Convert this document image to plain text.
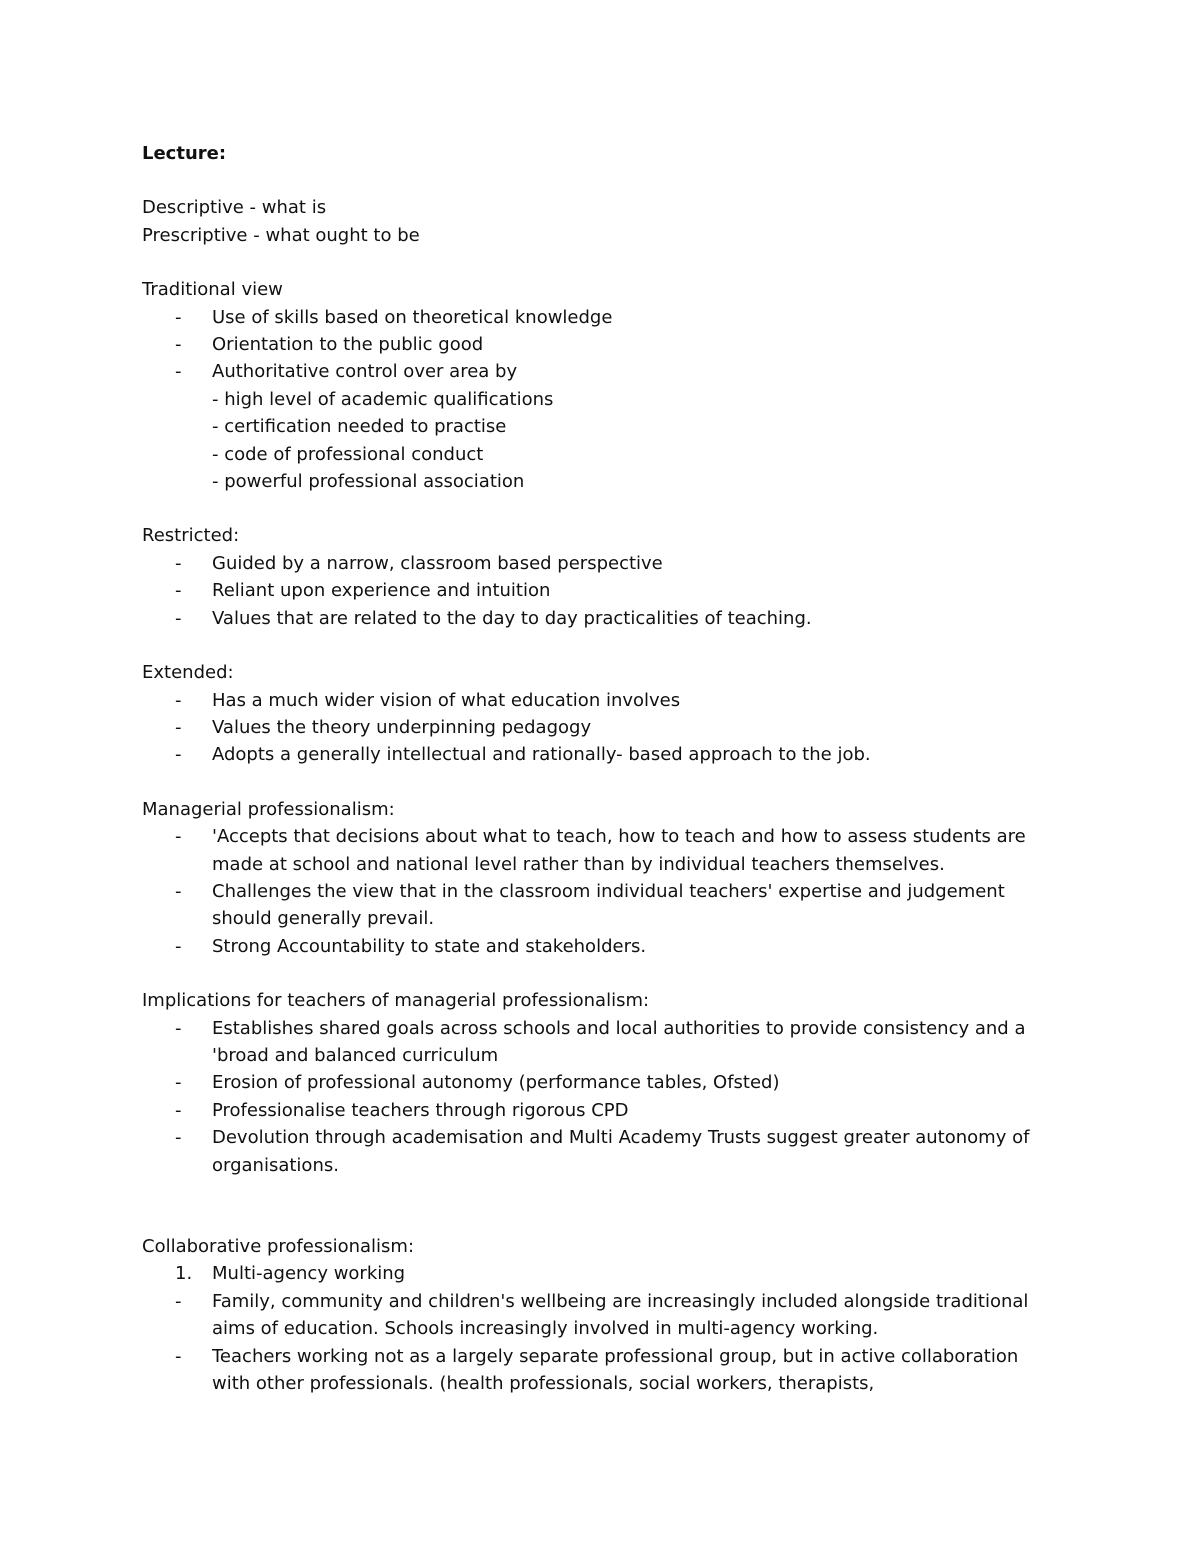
Lecture:

Descriptive - what is

Prescriptive - what ought to be

Traditional view

- Use of skills based on theoretical knowledge

- Orientation to the public good

- Authoritative control over area by

- high level of academic qualifications

- certification needed to practise

- code of professional conduct

- powerful professional association

Restricted:

- Guided by a narrow, classroom based perspective

- Reliant upon experience and intuition

- Values that are related to the day to day practicalities of teaching.

Extended:

- Has a much wider vision of what education involves

- Values the theory underpinning pedagogy

- Adopts a generally intellectual and rationally- based approach to the job.

Managerial professionalism:

- 'Accepts that decisions about what to teach, how to teach and how to assess students are made at school and national level rather than by individual teachers themselves.

- Challenges the view that in the classroom individual teachers' expertise and judgement should generally prevail.

- Strong Accountability to state and stakeholders.

Implications for teachers of managerial professionalism:

- Establishes shared goals across schools and local authorities to provide consistency and a 'broad and balanced curriculum

- Erosion of professional autonomy (performance tables, Ofsted)

- Professionalise teachers through rigorous CPD

- Devolution through academisation and Multi Academy Trusts suggest greater autonomy of organisations.

Collaborative professionalism:

1. Multi-agency working

- Family, community and children's wellbeing are increasingly included alongside traditional aims of education. Schools increasingly involved in multi-agency working.

- Teachers working not as a largely separate professional group, but in active collaboration with other professionals. (health professionals, social workers, therapists,
